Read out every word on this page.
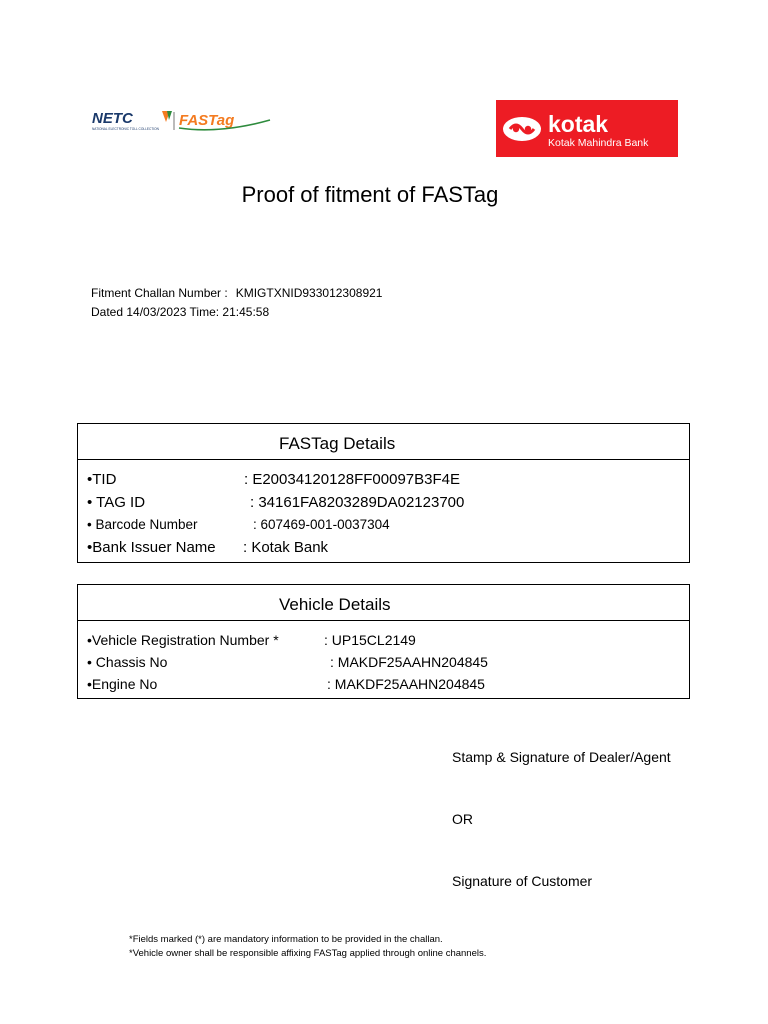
NETC
NATIONAL ELECTRONIC TOLL COLLECTION FASTag	kotak
Kotak Mahindra Bank
Proof of fitment of FASTag
Fitment Challan Number : KMIGTXNID933012308921
Dated 14/03/2023 Time: 21:45:58
FASTag Details
•TID	: E20034120128FF00097B3F4E
• TAG ID	: 34161FA8203289DA02123700
• Barcode Number	: 607469-001-0037304
•Bank Issuer Name : Kotak Bank
Vehicle Details
•Vehicle Registration Number *	: UP15CL2149
• Chassis No	: MAKDF25AAHN204845
•Engine No	: MAKDF25AAHN204845
Stamp & Signature of Dealer/Agent
OR
Signature of Customer
*Fields marked (*) are mandatory information to be provided in the challan.
*Vehicle owner shall be responsible affixing FASTag applied through online channels.
